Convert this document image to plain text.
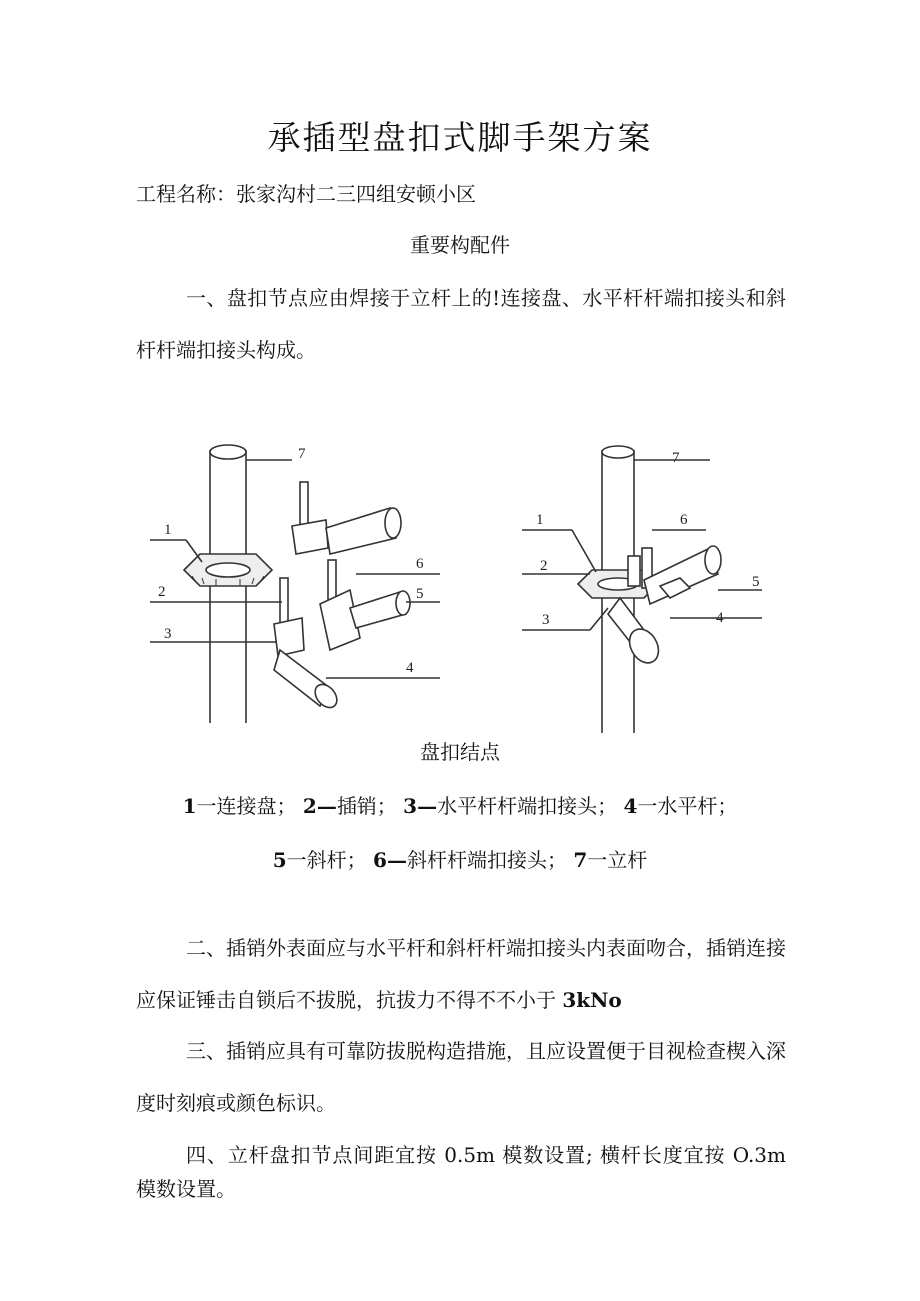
承插型盘扣式脚手架方案
工程名称：张家沟村二三四组安顿小区
重要构配件
一、盘扣节点应由焊接于立杆上的!连接盘、水平杆杆端扣接头和斜杆杆端扣接头构成。
7
1
6
2	5
3
4
7
6
1
2
5
4
3
盘扣结点
1一连接盘； 2—插销； 3—水平杆杆端扣接头； 4一水平杆；
5一斜杆； 6—斜杆杆端扣接头； 7一立杆
二、插销外表面应与水平杆和斜杆杆端扣接头内表面吻合，插销连接应保证锤击自锁后不拔脱，抗拔力不得不不小于 3kNo
三、插销应具有可靠防拔脱构造措施，且应设置便于目视检查楔入深度时刻痕或颜色标识。
四、立杆盘扣节点间距宜按 0.5m 模数设置; 横杆长度宜按 O.3m 模数设置。
